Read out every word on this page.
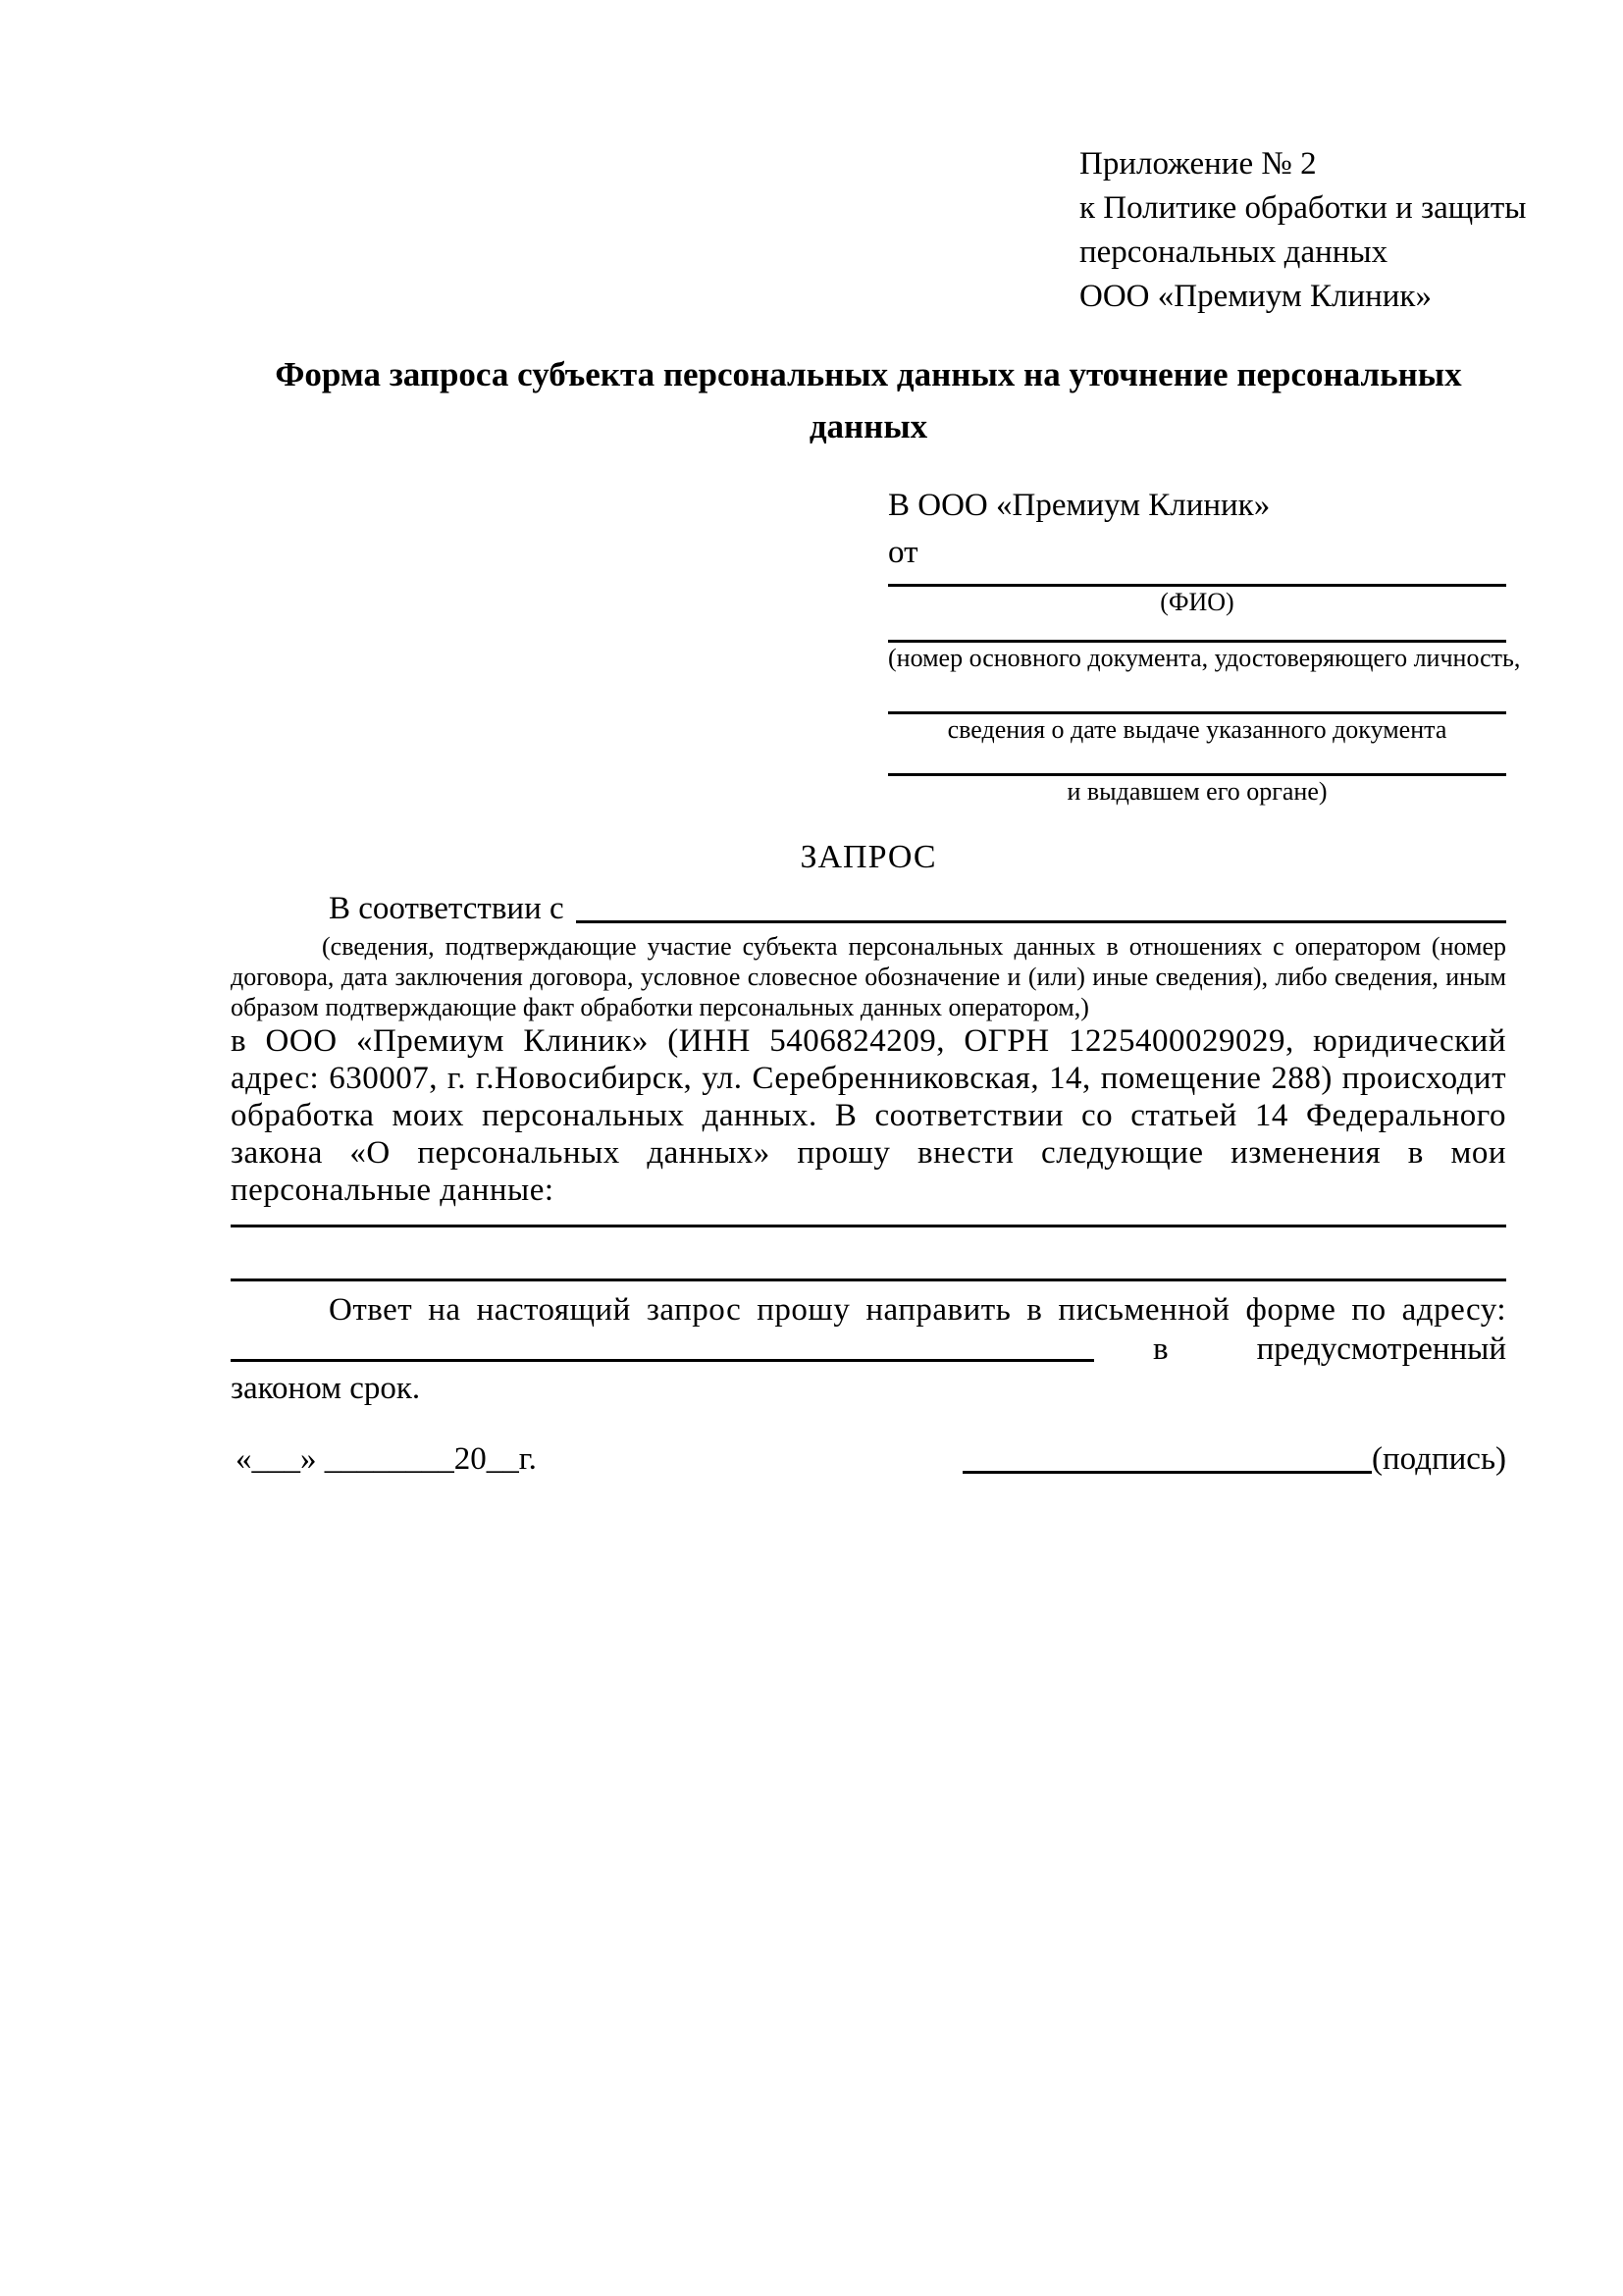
Приложение № 2
к Политике обработки и защиты
персональных данных
ООО «Премиум Клиник»
Форма запроса субъекта персональных данных на уточнение персональных данных
В ООО «Премиум Клиник»
от
(ФИО)
(номер основного документа, удостоверяющего личность,
сведения о дате выдаче указанного документа
и выдавшем его органе)
ЗАПРОС
В соответствии с
(сведения, подтверждающие участие субъекта персональных данных в отношениях с оператором (номер договора, дата заключения договора, условное словесное обозначение и (или) иные сведения), либо сведения, иным образом подтверждающие факт обработки персональных данных оператором,)

в ООО «Премиум Клиник» (ИНН 5406824209, ОГРН 1225400029029, юридический адрес: 630007, г. г.Новосибирск, ул. Серебренниковская, 14, помещение 288) происходит обработка моих персональных данных. В соответствии со статьей 14 Федерального закона «О персональных данных» прошу внести следующие изменения в мои персональные данные:

Ответ на настоящий запрос прошу направить в письменной форме по адресу:

в	предусмотренный
законом срок.
«___» ________20__г.	(подпись)
